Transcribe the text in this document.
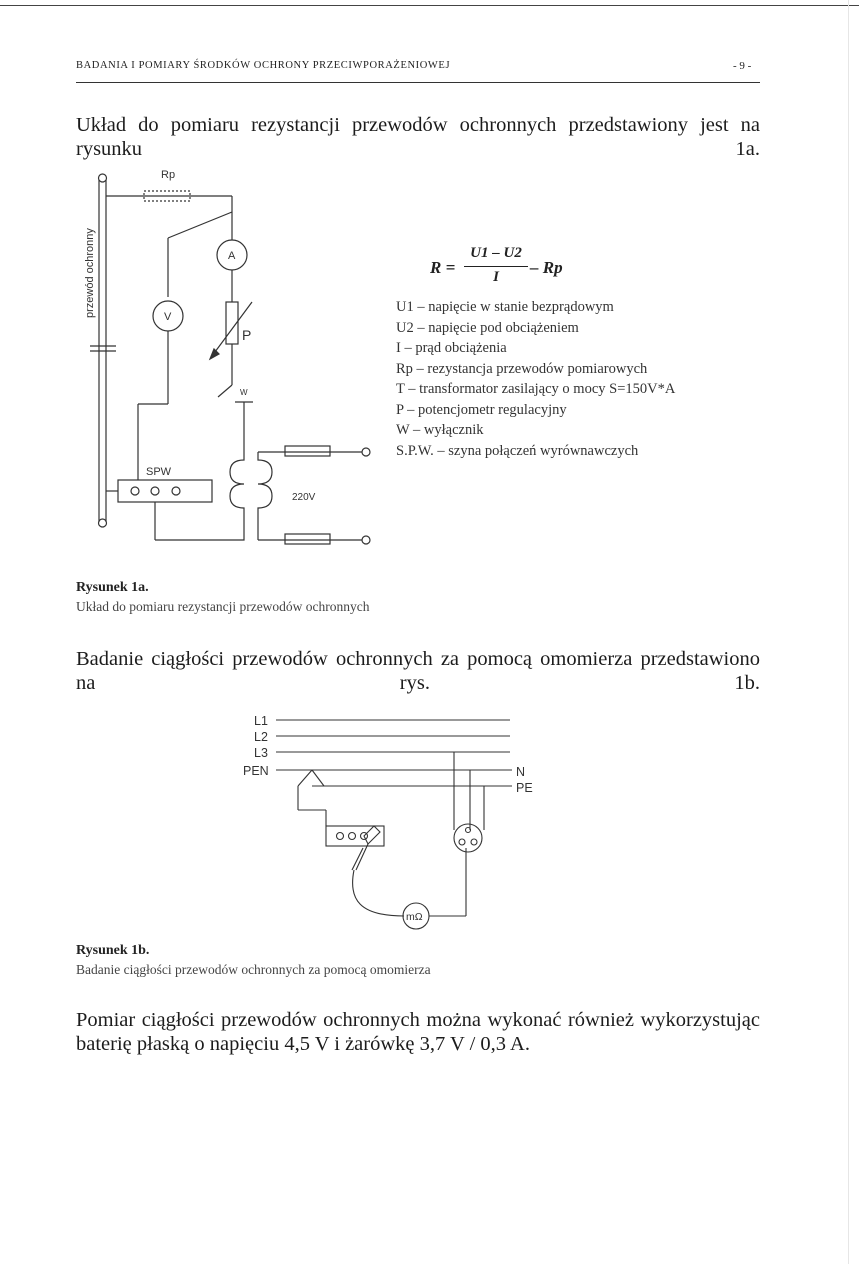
BADANIA I POMIARY ŚRODKÓW OCHRONY PRZECIWPORAŻENIOWEJ	- 9 -
Układ do pomiaru rezystancji przewodów ochronnych przedstawiony jest na rysunku 1a.
Rp
A
V
P
W
SPW
220V
przewód ochronny	R =
U1 – U2
I	– Rp
U1 – napięcie w stanie bezprądowym
U2 – napięcie pod obciążeniem
I – prąd obciążenia
Rp – rezystancja przewodów pomiarowych
T – transformator zasilający o mocy S=150V*A
P – potencjometr regulacyjny
W – wyłącznik
S.P.W. – szyna połączeń wyrównawczych
Rysunek 1a.
Układ do pomiaru rezystancji przewodów ochronnych
Badanie ciągłości przewodów ochronnych za pomocą omomierza przedstawiono na rys. 1b.
L1
L2
L3
PEN	N
PE
mΩ
Rysunek 1b.
Badanie ciągłości przewodów ochronnych za pomocą omomierza
Pomiar ciągłości przewodów ochronnych można wykonać również wykorzystując baterię płaską o napięciu 4,5 V i żarówkę 3,7 V / 0,3 A.
